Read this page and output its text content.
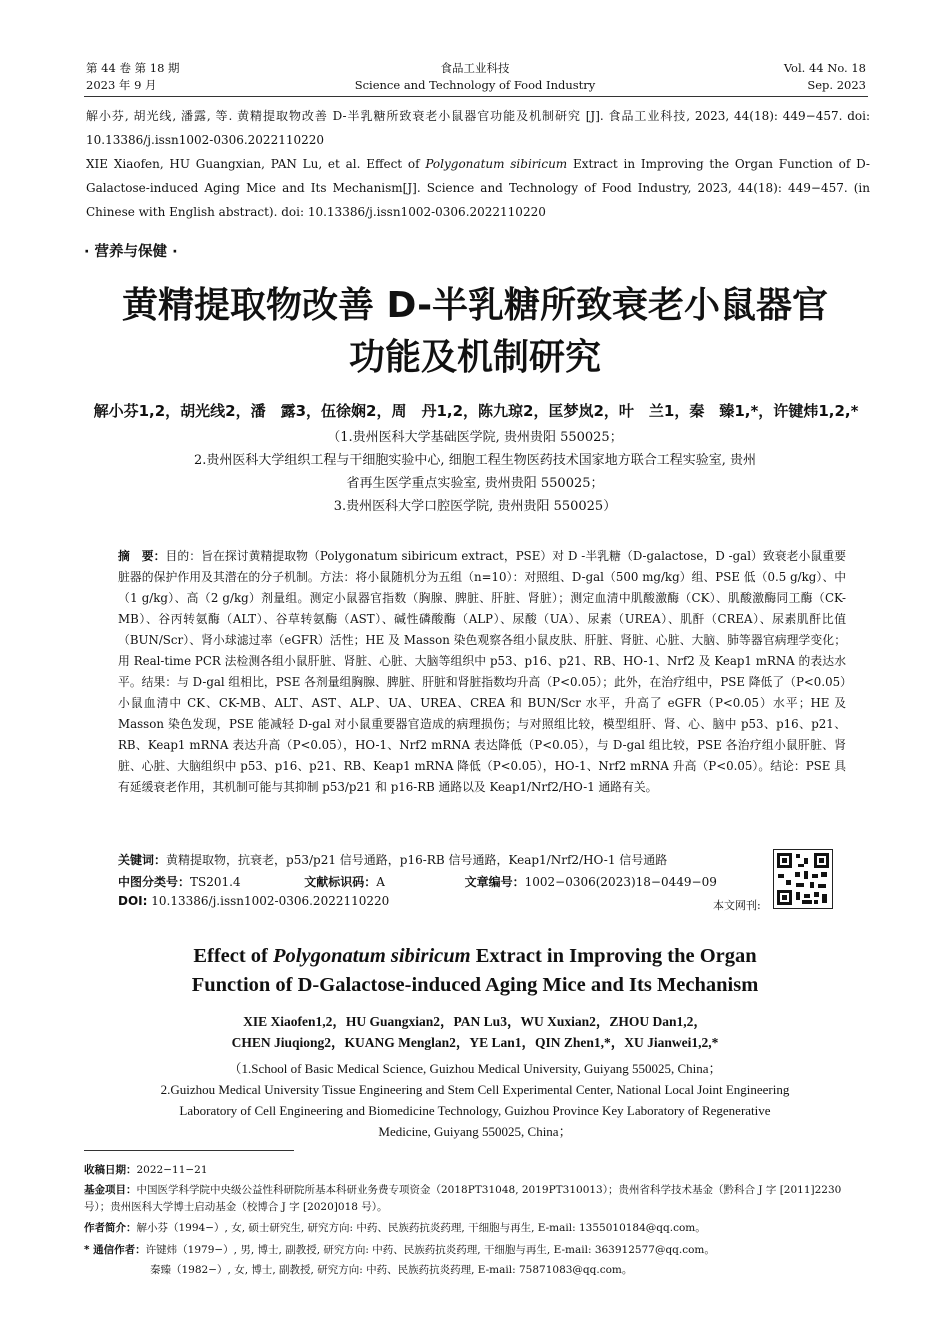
第 44 卷 第 18 期
2023 年 9 月
食品工业科技
Science and Technology of Food Industry
Vol. 44 No. 18
Sep. 2023
解小芬, 胡光线, 潘露, 等. 黄精提取物改善 D-半乳糖所致衰老小鼠器官功能及机制研究 [J]. 食品工业科技, 2023, 44(18): 449−457. doi: 10.13386/j.issn1002-0306.2022110220
XIE Xiaofen, HU Guangxian, PAN Lu, et al. Effect of Polygonatum sibiricum Extract in Improving the Organ Function of D-Galactose-induced Aging Mice and Its Mechanism[J]. Science and Technology of Food Industry, 2023, 44(18): 449−457. (in Chinese with English abstract). doi: 10.13386/j.issn1002-0306.2022110220
· 营养与保健 ·
黄精提取物改善 D-半乳糖所致衰老小鼠器官
功能及机制研究
解小芬1,2，胡光线2，潘　露3，伍徐娴2，周　丹1,2，陈九琼2，匡梦岚2，叶　兰1，秦　臻1,*，许键炜1,2,*
（1.贵州医科大学基础医学院, 贵州贵阳 550025；
2.贵州医科大学组织工程与干细胞实验中心, 细胞工程生物医药技术国家地方联合工程实验室, 贵州
省再生医学重点实验室, 贵州贵阳 550025；
3.贵州医科大学口腔医学院, 贵州贵阳 550025）
摘　要：目的：旨在探讨黄精提取物（Polygonatum sibiricum extract，PSE）对 D -半乳糖（D-galactose，D -gal）致衰老小鼠重要脏器的保护作用及其潜在的分子机制。方法：将小鼠随机分为五组（n=10）：对照组、D-gal（500 mg/kg）组、PSE 低（0.5 g/kg）、中（1 g/kg）、高（2 g/kg）剂量组。测定小鼠器官指数（胸腺、脾脏、肝脏、肾脏）；测定血清中肌酸激酶（CK）、肌酸激酶同工酶（CK-MB）、谷丙转氨酶（ALT）、谷草转氨酶（AST）、碱性磷酸酶（ALP）、尿酸（UA）、尿素（UREA）、肌酐（CREA）、尿素肌酐比值（BUN/Scr）、肾小球滤过率（eGFR）活性；HE 及 Masson 染色观察各组小鼠皮肤、肝脏、肾脏、心脏、大脑、肺等器官病理学变化；用 Real-time PCR 法检测各组小鼠肝脏、肾脏、心脏、大脑等组织中 p53、p16、p21、RB、HO-1、Nrf2 及 Keap1 mRNA 的表达水平。结果：与 D-gal 组相比，PSE 各剂量组胸腺、脾脏、肝脏和肾脏指数均升高（P<0.05）；此外，在治疗组中，PSE 降低了（P<0.05）小鼠血清中 CK、CK-MB、ALT、AST、ALP、UA、UREA、CREA 和 BUN/Scr 水平，升高了 eGFR（P<0.05）水平；HE 及 Masson 染色发现，PSE 能减轻 D-gal 对小鼠重要器官造成的病理损伤；与对照组比较，模型组肝、肾、心、脑中 p53、p16、p21、RB、Keap1 mRNA 表达升高（P<0.05），HO-1、Nrf2 mRNA 表达降低（P<0.05），与 D-gal 组比较，PSE 各治疗组小鼠肝脏、肾脏、心脏、大脑组织中 p53、p16、p21、RB、Keap1 mRNA 降低（P<0.05），HO-1、Nrf2 mRNA 升高（P<0.05）。结论：PSE 具有延缓衰老作用，其机制可能与其抑制 p53/p21 和 p16-RB 通路以及 Keap1/Nrf2/HO-1 通路有关。
关键词：黄精提取物，抗衰老，p53/p21 信号通路，p16-RB 信号通路，Keap1/Nrf2/HO-1 信号通路
中图分类号：TS201.4	文献标识码：A	文章编号：1002−0306(2023)18−0449−09
DOI: 10.13386/j.issn1002-0306.2022110220	本文网刊:
Effect of Polygonatum sibiricum Extract in Improving the Organ
Function of D-Galactose-induced Aging Mice and Its Mechanism
XIE Xiaofen1,2，HU Guangxian2，PAN Lu3，WU Xuxian2，ZHOU Dan1,2，
CHEN Jiuqiong2，KUANG Menglan2，YE Lan1，QIN Zhen1,*，XU Jianwei1,2,*
（1.School of Basic Medical Science, Guizhou Medical University, Guiyang 550025, China；
2.Guizhou Medical University Tissue Engineering and Stem Cell Experimental Center, National Local Joint Engineering
Laboratory of Cell Engineering and Biomedicine Technology, Guizhou Province Key Laboratory of Regenerative
Medicine, Guiyang 550025, China；
收稿日期：2022−11−21
基金项目：中国医学科学院中央级公益性科研院所基本科研业务费专项资金（2018PT31048, 2019PT310013）；贵州省科学技术基金（黔科合 J 字 [2011]2230 号）；贵州医科大学博士启动基金（校博合 J 字 [2020]018 号）。
作者简介：解小芬（1994−）, 女, 硕士研究生, 研究方向: 中药、民族药抗炎药理, 干细胞与再生, E-mail: 1355010184@qq.com。
* 通信作者：许键炜（1979−）, 男, 博士, 副教授, 研究方向: 中药、民族药抗炎药理, 干细胞与再生, E-mail: 363912577@qq.com。
秦臻（1982−）, 女, 博士, 副教授, 研究方向: 中药、民族药抗炎药理, E-mail: 75871083@qq.com。
